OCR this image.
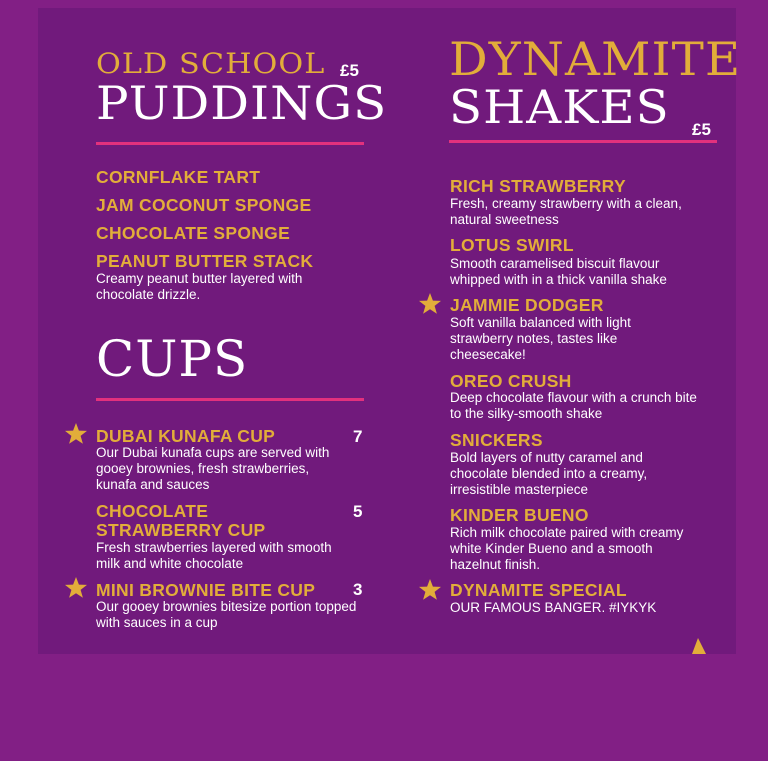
OLD SCHOOL £5
PUDDINGS
CORNFLAKE TART
JAM COCONUT SPONGE
CHOCOLATE SPONGE
PEANUT BUTTER STACK
Creamy peanut butter layered with chocolate drizzle.
CUPS
DUBAI KUNAFA CUP	7
Our Dubai kunafa cups are served with gooey brownies, fresh strawberries, kunafa and sauces
CHOCOLATE
STRAWBERRY CUP
5
Fresh strawberries layered with smooth milk and white chocolate
MINI BROWNIE BITE CUP 3
Our gooey brownies bitesize portion topped with sauces in a cup
DYNAMITE
SHAKES £5
RICH STRAWBERRY
Fresh, creamy strawberry with a clean, natural sweetness
LOTUS SWIRL
Smooth caramelised biscuit flavour whipped with in a thick vanilla shake
JAMMIE DODGER
Soft vanilla balanced with light strawberry notes, tastes like cheesecake!
OREO CRUSH
Deep chocolate flavour with a crunch bite to the silky-smooth shake
SNICKERS
Bold layers of nutty caramel and chocolate blended into a creamy, irresistible masterpiece
KINDER BUENO
Rich milk chocolate paired with creamy white Kinder Bueno and a smooth hazelnut finish.
DYNAMITE SPECIAL
OUR FAMOUS BANGER. #IYKYK
